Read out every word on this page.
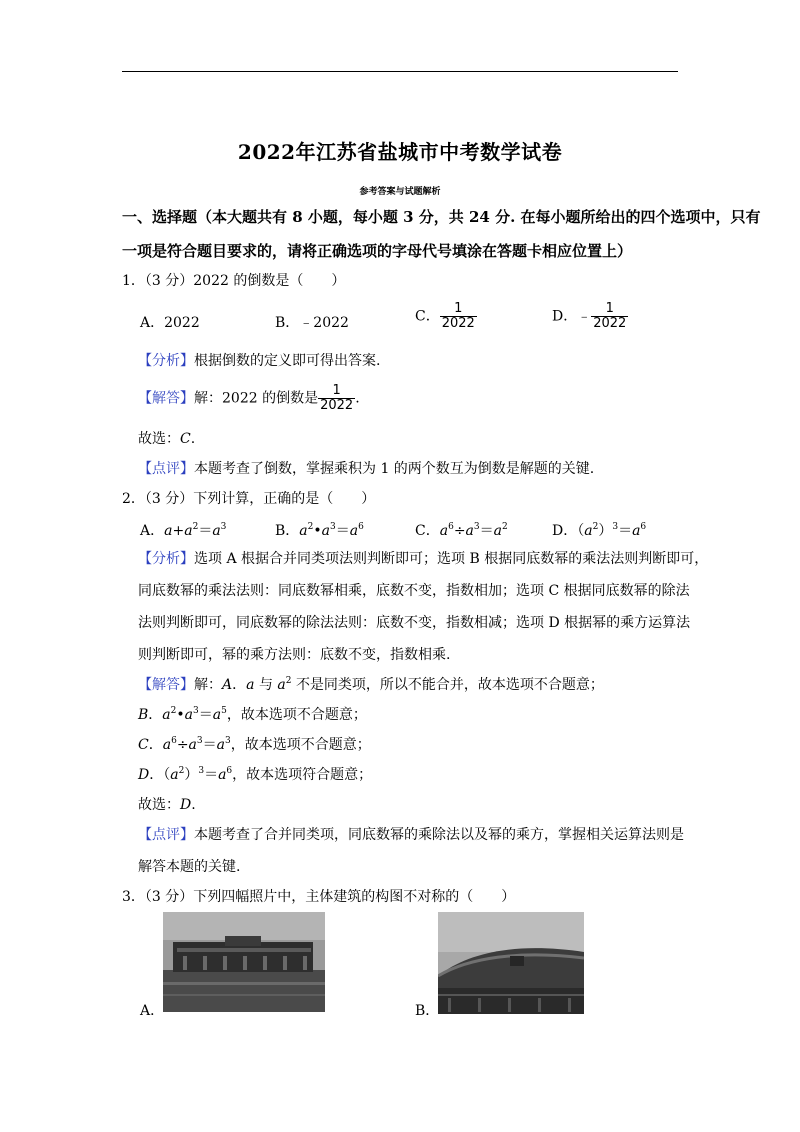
2022年江苏省盐城市中考数学试卷
参考答案与试题解析
一、选择题（本大题共有 8 小题，每小题 3 分，共 24 分. 在每小题所给出的四个选项中，只有
一项是符合题目要求的，请将正确选项的字母代号填涂在答题卡相应位置上）
1．（3 分）2022 的倒数是（　　）
A．2022	B．﹣2022	C． $\frac{1}{2022}$	D．﹣ $\frac{1}{2022}$
【分析】根据倒数的定义即可得出答案.
【解答】解：2022 的倒数是 $\frac{1}{2022}$ .
故选：C.
【点评】本题考查了倒数，掌握乘积为 1 的两个数互为倒数是解题的关键.
2．（3 分）下列计算，正确的是（　　）
A．$a+a^2=a^3$	B．$a^2•a^3=a^6$	C．$a^6\div a^3=a^2$	D．$(a^2)^3=a^6$
【分析】选项 A 根据合并同类项法则判断即可；选项 B 根据同底数幂的乘法法则判断即可，
同底数幂的乘法法则：同底数幂相乘，底数不变，指数相加；选项 C 根据同底数幂的除法
法则判断即可，同底数幂的除法法则：底数不变，指数相减；选项 D 根据幂的乘方运算法
则判断即可，幂的乘方法则：底数不变，指数相乘.
【解答】解：A．a 与 $a^2$ 不是同类项，所以不能合并，故本选项不合题意；
B．$a^2•a^3=a^5$，故本选项不合题意；
C．$a^6\div a^3=a^3$，故本选项不合题意；
D．$(a^2)^3=a^6$，故本选项符合题意；
故选：D.
【点评】本题考查了合并同类项，同底数幂的乘除法以及幂的乘方，掌握相关运算法则是
解答本题的关键.
3．（3 分）下列四幅照片中，主体建筑的构图不对称的（　　）
A．	B．
